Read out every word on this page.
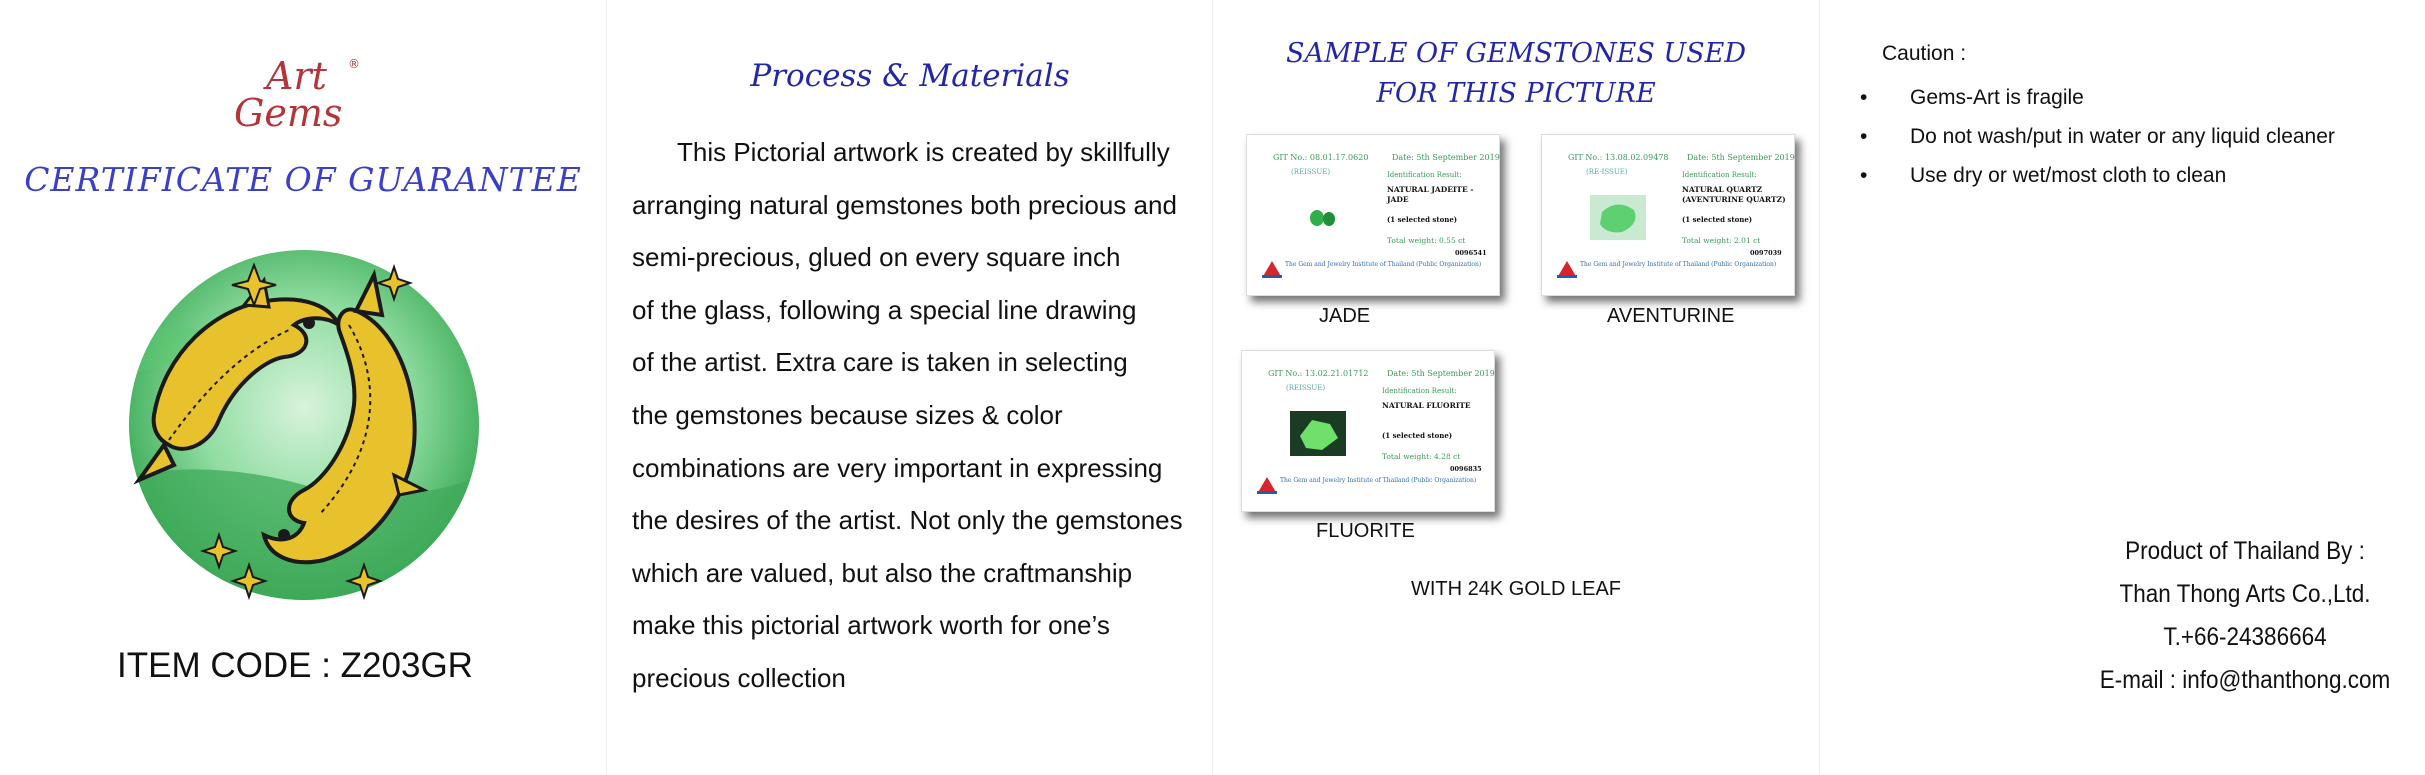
Art
Gems
®
CERTIFICATE OF GUARANTEE
ITEM CODE : Z203GR
Process & Materials
This Pictorial artwork is created by skillfully
arranging natural gemstones both precious and
semi-precious, glued on every square inch
of the glass, following a special line drawing
of the artist. Extra care is taken in selecting
the gemstones because sizes & color
combinations are very important in expressing
the desires of the artist. Not only the gemstones
which are valued, but also the craftmanship
make this pictorial artwork worth for one’s
precious collection
SAMPLE OF GEMSTONES USED
FOR THIS PICTURE
GIT No.: 08.01.17.0620	Date: 5th September 2019
(REISSUE)	Identification Result:
NATURAL JADEITE - JADE
(1 selected stone)
Total weight: 0.55 ct
0096541
The Gem and Jewelry Institute of Thailand (Public Organization)
GIT No.: 13.08.02.09478 Date: 5th September 2019
(RE-ISSUE)	Identification Result:
NATURAL QUARTZ (AVENTURINE QUARTZ)
(1 selected stone)
Total weight: 2.01 ct
0097039
The Gem and Jewelry Institute of Thailand (Public Organization)
GIT No.: 13.02.21.01712 Date: 5th September 2019
(REISSUE)	Identification Result:
NATURAL FLUORITE
(1 selected stone)
Total weight: 4.28 ct
0096835
The Gem and Jewelry Institute of Thailand (Public Organization)
JADE	AVENTURINE
FLUORITE
WITH 24K GOLD LEAF
Caution :
• Gems-Art is fragile
• Do not wash/put in water or any liquid cleaner
• Use dry or wet/most cloth to clean
Product of Thailand By :
Than Thong Arts Co.,Ltd.
T.+66-24386664
E-mail : info@thanthong.com
